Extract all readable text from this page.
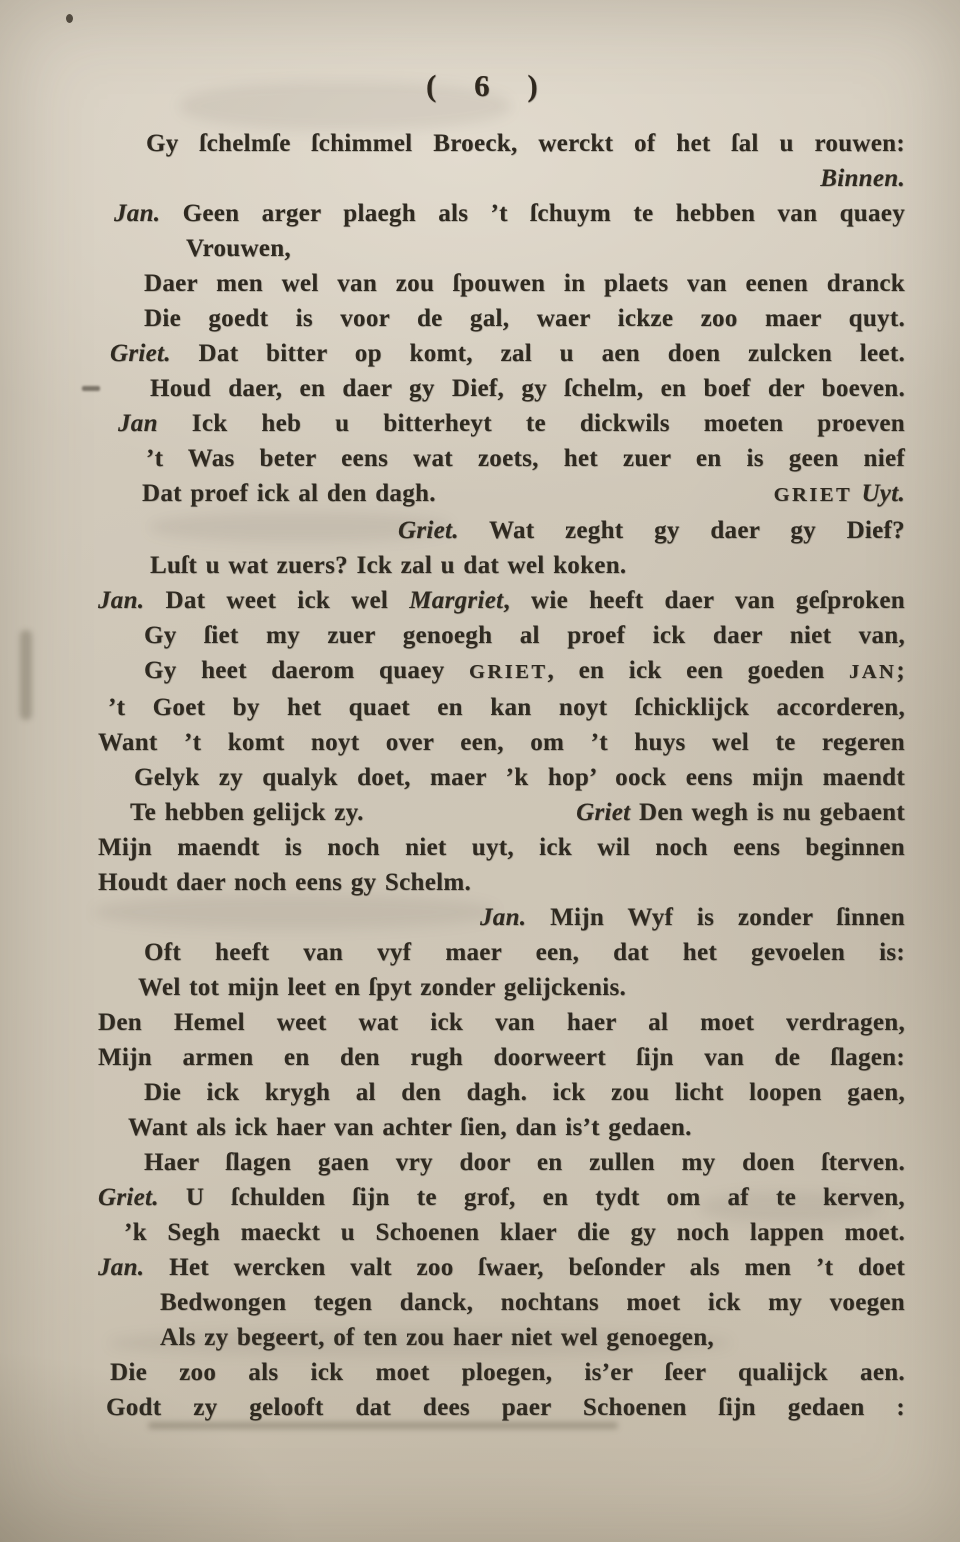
( 6 )
Gy ſchelmſe ſchimmel Broeck, werckt of het ſal u rouwen:
Binnen.
Jan. Geen arger plaegh als ’t ſchuym te hebben van quaey
Vrouwen,
Daer men wel van zou ſpouwen in plaets van eenen dranck
Die goedt is voor de gal, waer ickze zoo maer quyt.
Griet. Dat bitter op komt, zal u aen doen zulcken leet.
Houd daer, en daer gy Dief, gy ſchelm, en boef der boeven.
Jan Ick heb u bitterheyt te dickwils moeten proeven
’t Was beter eens wat zoets, het zuer en is geen nief
Dat proef ick al den dagh.	GRIET Uyt.
Griet. Wat zeght gy daer gy Dief?
Luſt u wat zuers? Ick zal u dat wel koken.
Jan. Dat weet ick wel Margriet, wie heeft daer van geſproken
Gy ſiet my zuer genoegh al proef ick daer niet van,
Gy heet daerom quaey GRIET, en ick een goeden JAN;
’t Goet by het quaet en kan noyt ſchicklijck accorderen,
Want ’t komt noyt over een, om ’t huys wel te regeren
Gelyk zy qualyk doet, maer ’k hop’ oock eens mijn maendt
Te hebben gelijck zy.	Griet Den wegh is nu gebaent
Mijn maendt is noch niet uyt, ick wil noch eens beginnen
Houdt daer noch eens gy Schelm.
Jan. Mijn Wyf is zonder ſinnen
Oft heeft van vyf maer een, dat het gevoelen is:
Wel tot mijn leet en ſpyt zonder gelijckenis.
Den Hemel weet wat ick van haer al moet verdragen,
Mijn armen en den rugh doorweert ſijn van de ſlagen:
Die ick krygh al den dagh. ick zou licht loopen gaen,
Want als ick haer van achter ſien, dan is’t gedaen.
Haer ſlagen gaen vry door en zullen my doen ſterven.
Griet. U ſchulden ſijn te grof, en tydt om af te kerven,
’k Segh maeckt u Schoenen klaer die gy noch lappen moet.
Jan. Het wercken valt zoo ſwaer, beſonder als men ’t doet
Bedwongen tegen danck, nochtans moet ick my voegen
Als zy begeert, of ten zou haer niet wel genoegen,
Die zoo als ick moet ploegen, is’er ſeer qualijck aen.
Godt zy gelooft dat dees paer Schoenen ſijn gedaen :
